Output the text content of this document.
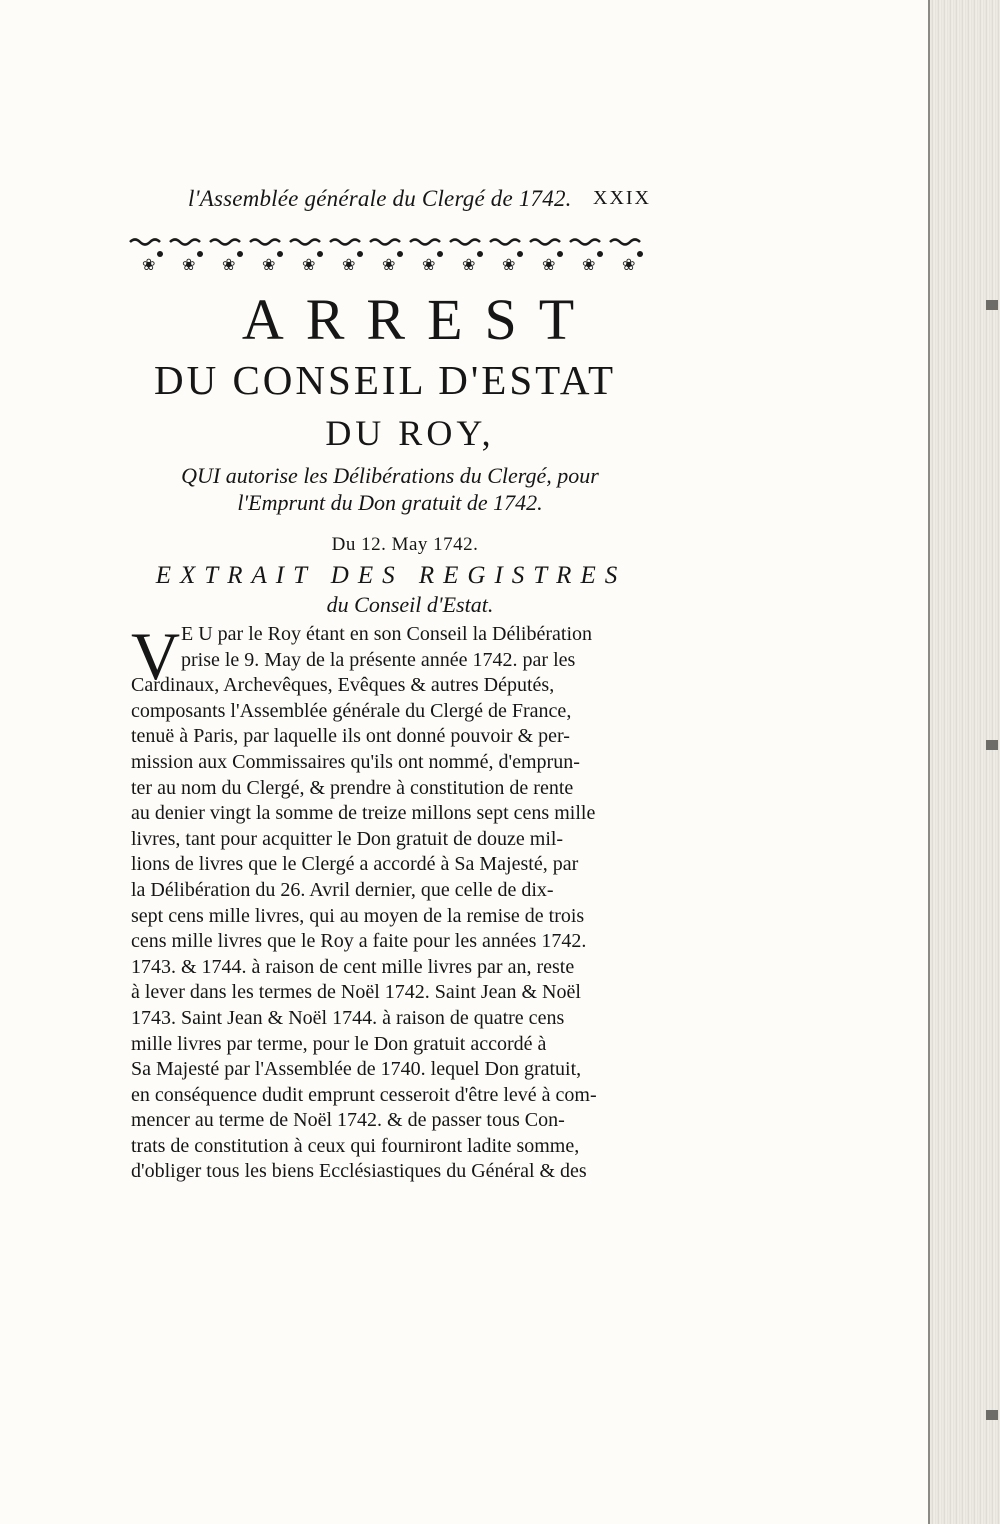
l'Assemblée générale du Clergé de 1742. XXIX
❀ ❀ ❀ ❀ ❀ ❀ ❀ ❀ ❀ ❀ ❀ ❀ ❀
ARREST
DU CONSEIL D'ESTAT
DU ROY,
QUI autorise les Délibérations du Clergé, pour
l'Emprunt du Don gratuit de 1742.
Du 12. May 1742.
EXTRAIT DES REGISTRES
du Conseil d'Estat.
V E U par le Roy étant en son Conseil la Délibération
prise le 9. May de la présente année 1742. par les
Cardinaux, Archevêques, Evêques & autres Députés,
composants l'Assemblée générale du Clergé de France,
tenuë à Paris, par laquelle ils ont donné pouvoir & per-
mission aux Commissaires qu'ils ont nommé, d'emprun-
ter au nom du Clergé, & prendre à constitution de rente
au denier vingt la somme de treize millons sept cens mille
livres, tant pour acquitter le Don gratuit de douze mil-
lions de livres que le Clergé a accordé à Sa Majesté, par
la Délibération du 26. Avril dernier, que celle de dix-
sept cens mille livres, qui au moyen de la remise de trois
cens mille livres que le Roy a faite pour les années 1742.
1743. & 1744. à raison de cent mille livres par an, reste
à lever dans les termes de Noël 1742. Saint Jean & Noël
1743. Saint Jean & Noël 1744. à raison de quatre cens
mille livres par terme, pour le Don gratuit accordé à
Sa Majesté par l'Assemblée de 1740. lequel Don gratuit,
en conséquence dudit emprunt cesseroit d'être levé à com-
mencer au terme de Noël 1742. & de passer tous Con-
trats de constitution à ceux qui fourniront ladite somme,
d'obliger tous les biens Ecclésiastiques du Général & des
